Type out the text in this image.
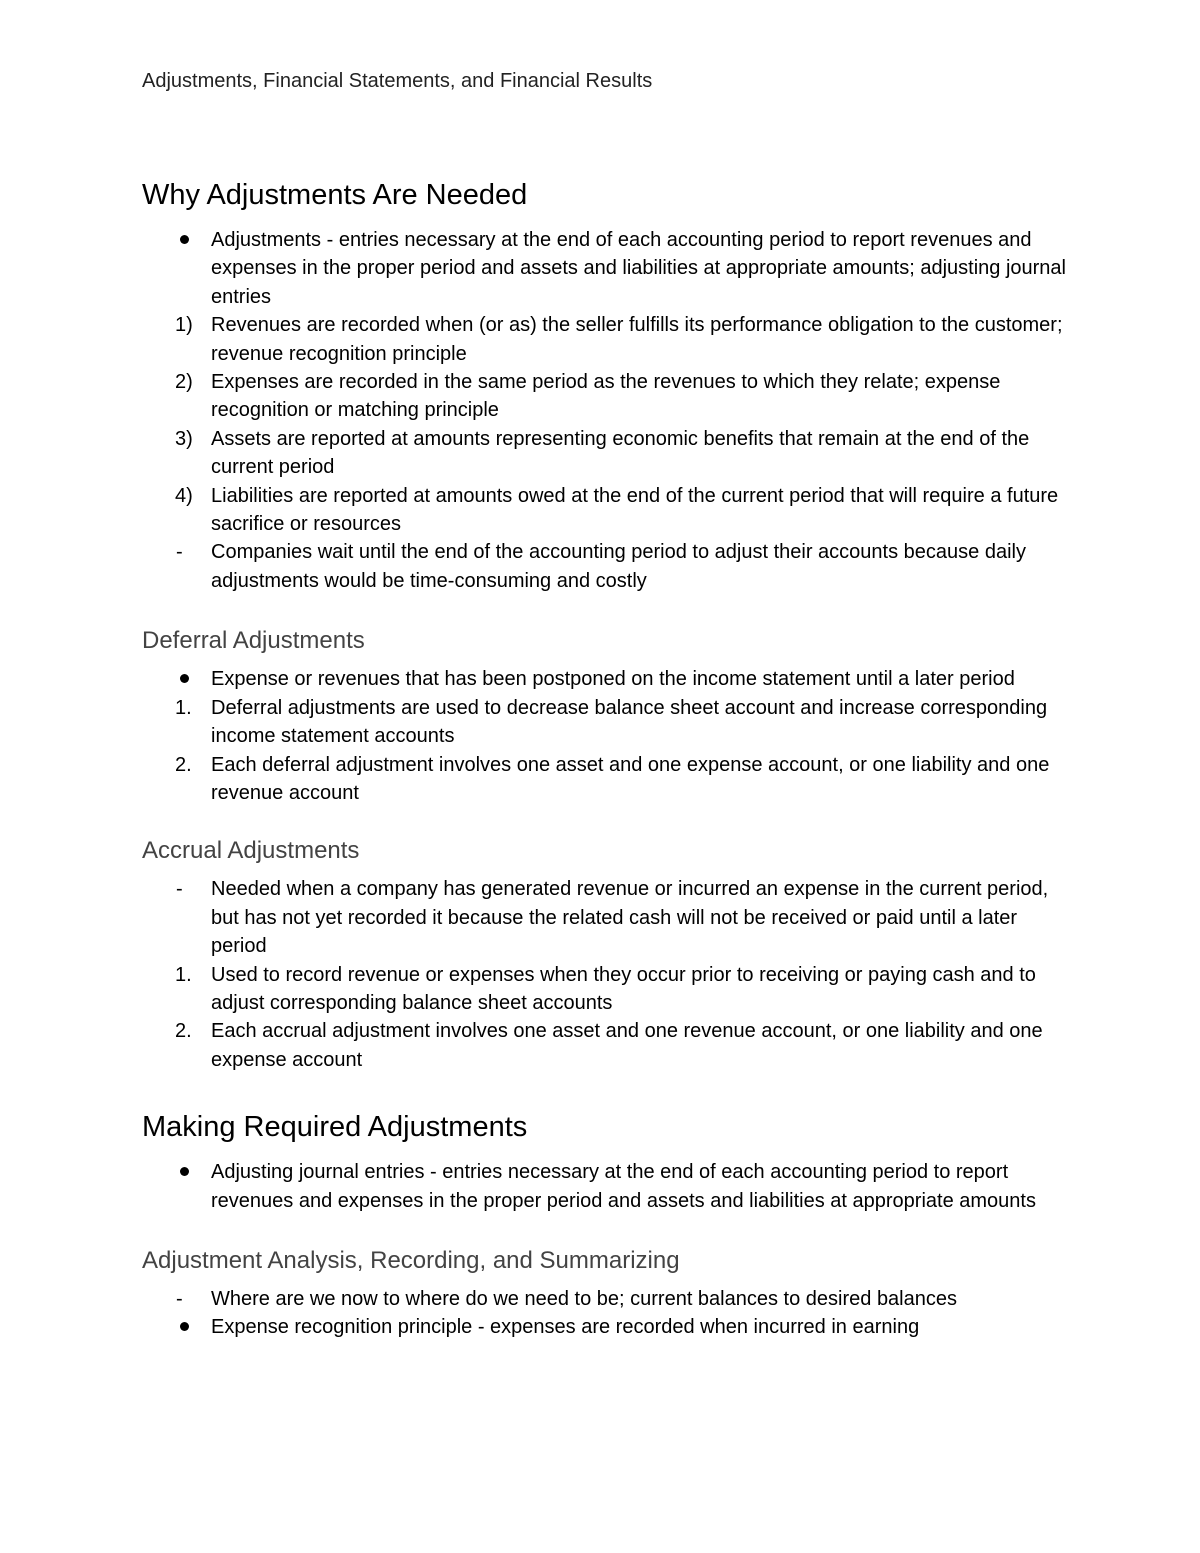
Adjustments, Financial Statements, and Financial Results
Why Adjustments Are Needed
Adjustments - entries necessary at the end of each accounting period to report revenues and expenses in the proper period and assets and liabilities at appropriate amounts; adjusting journal entries
1) Revenues are recorded when (or as) the seller fulfills its performance obligation to the customer; revenue recognition principle
2) Expenses are recorded in the same period as the revenues to which they relate; expense recognition or matching principle
3) Assets are reported at amounts representing economic benefits that remain at the end of the current period
4) Liabilities are reported at amounts owed at the end of the current period that will require a future sacrifice or resources
-	Companies wait until the end of the accounting period to adjust their accounts because daily adjustments would be time-consuming and costly
Deferral Adjustments
Expense or revenues that has been postponed on the income statement until a later period
1. Deferral adjustments are used to decrease balance sheet account and increase corresponding income statement accounts
2. Each deferral adjustment involves one asset and one expense account, or one liability and one revenue account
Accrual Adjustments
-	Needed when a company has generated revenue or incurred an expense in the current period, but has not yet recorded it because the related cash will not be received or paid until a later period
1. Used to record revenue or expenses when they occur prior to receiving or paying cash and to adjust corresponding balance sheet accounts
2. Each accrual adjustment involves one asset and one revenue account, or one liability and one expense account
Making Required Adjustments
Adjusting journal entries - entries necessary at the end of each accounting period to report revenues and expenses in the proper period and assets and liabilities at appropriate amounts
Adjustment Analysis, Recording, and Summarizing
-	Where are we now to where do we need to be; current balances to desired balances
Expense recognition principle - expenses are recorded when incurred in earning
